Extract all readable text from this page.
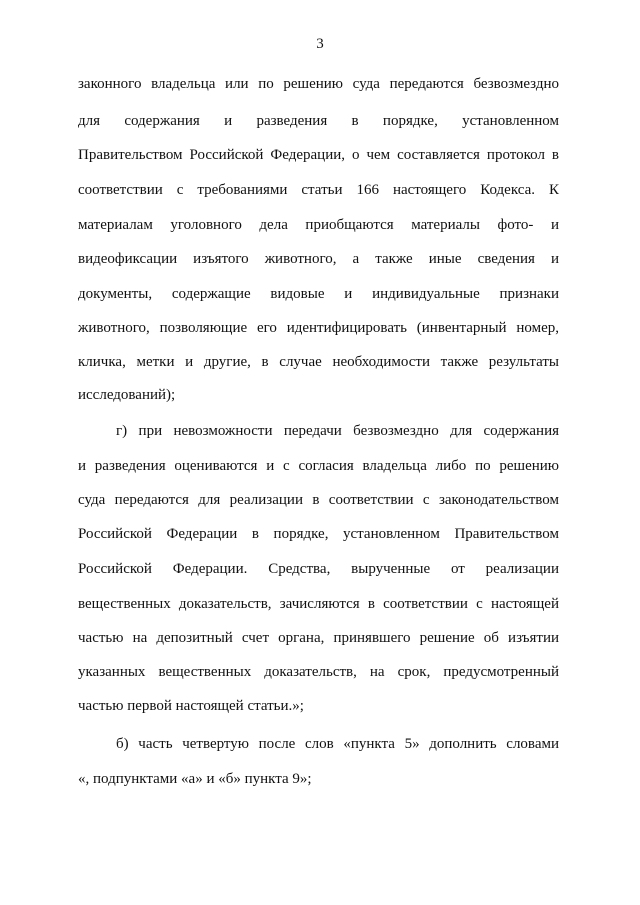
3
законного владельца или по решению суда передаются безвозмездно
для содержания и разведения в порядке, установленном
Правительством Российской Федерации, о чем составляется протокол в
соответствии с требованиями статьи 166 настоящего Кодекса. К
материалам уголовного дела приобщаются материалы фото- и
видеофиксации изъятого животного, а также иные сведения и
документы, содержащие видовые и индивидуальные признаки
животного, позволяющие его идентифицировать (инвентарный номер,
кличка, метки и другие, в случае необходимости также результаты
исследований);
г) при невозможности передачи безвозмездно для содержания
и разведения оцениваются и с согласия владельца либо по решению
суда передаются для реализации в соответствии с законодательством
Российской Федерации в порядке, установленном Правительством
Российской Федерации. Средства, вырученные от реализации
вещественных доказательств, зачисляются в соответствии с настоящей
частью на депозитный счет органа, принявшего решение об изъятии
указанных вещественных доказательств, на срок, предусмотренный
частью первой настоящей статьи.»;
б) часть четвертую после слов «пункта 5» дополнить словами
«, подпунктами «а» и «б» пункта 9»;
